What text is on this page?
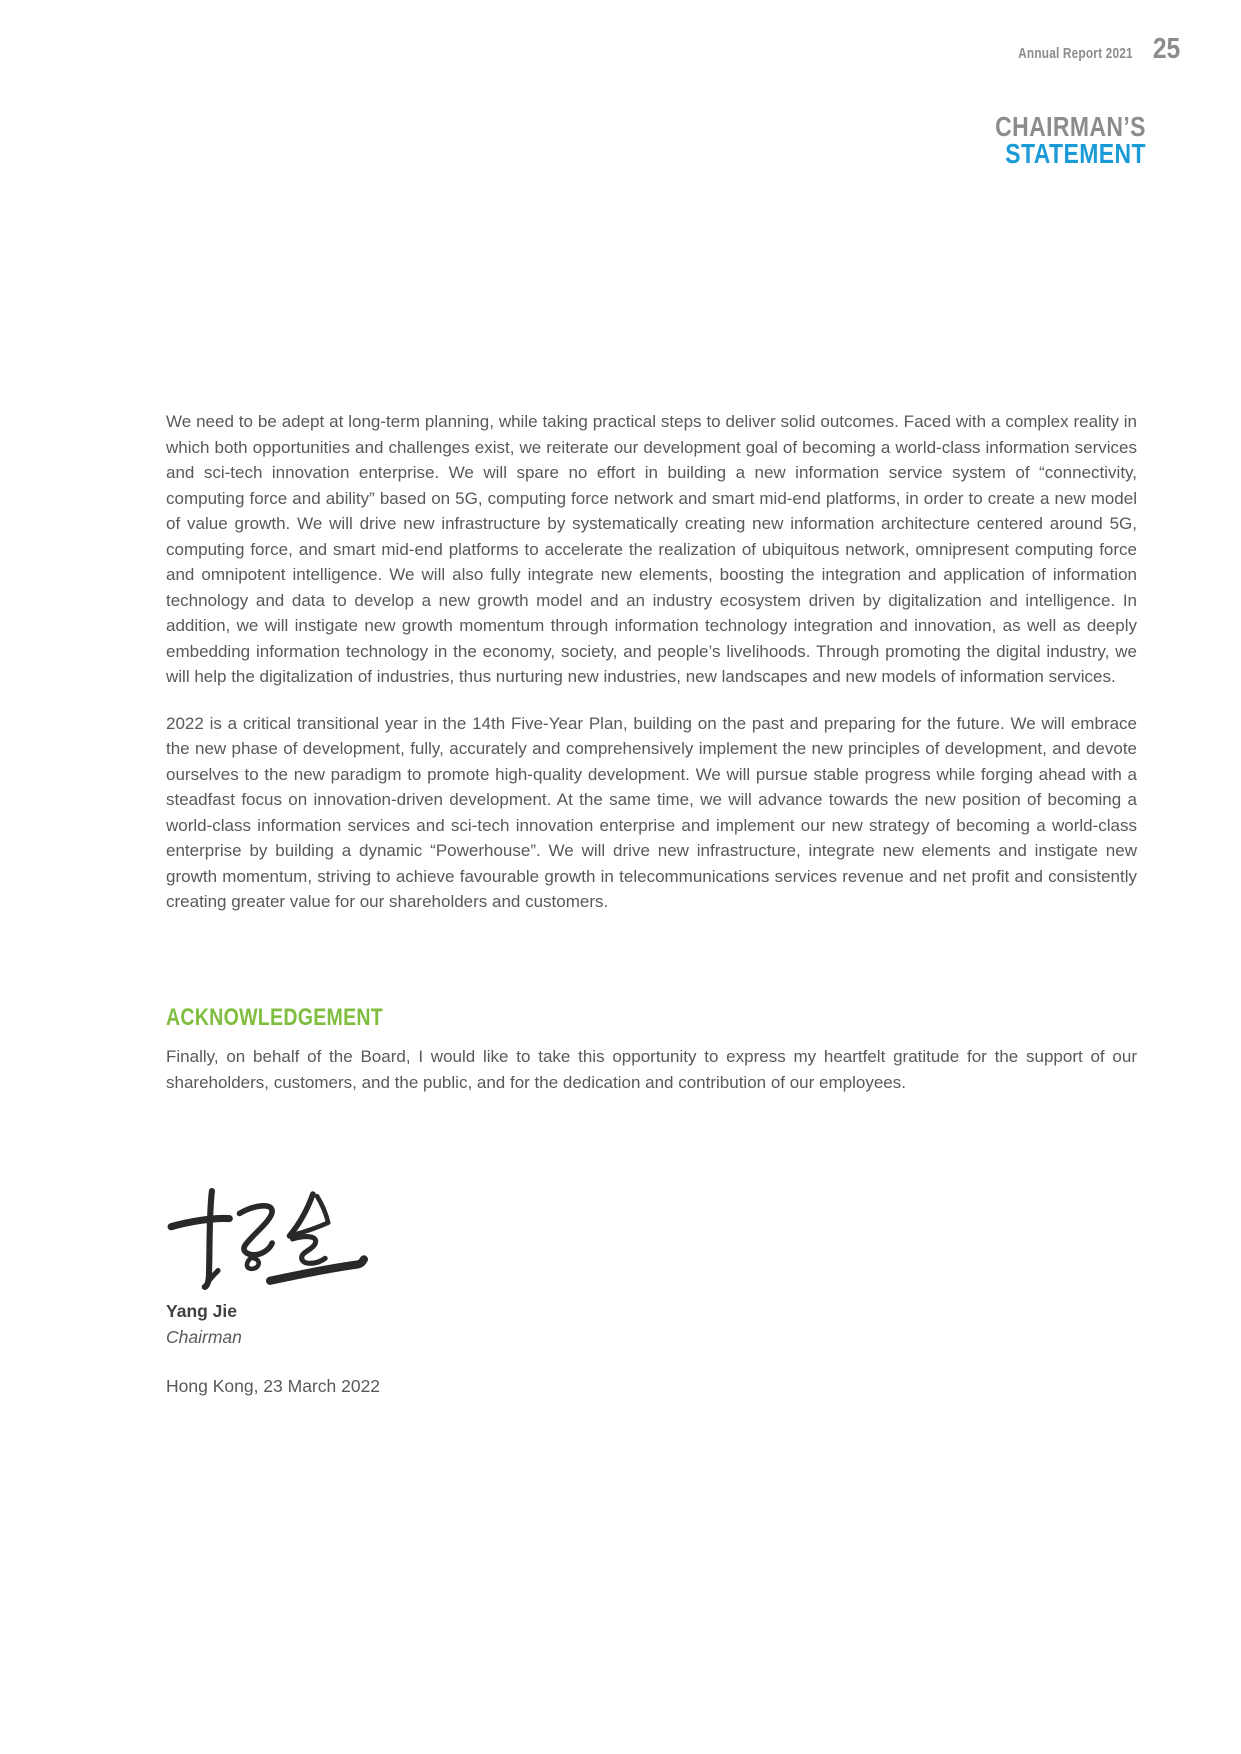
Annual Report 2021 25
CHAIRMAN’S
STATEMENT

We need to be adept at long-term planning, while taking practical steps to deliver solid outcomes. Faced with a complex reality in which both opportunities and challenges exist, we reiterate our development goal of becoming a world-class information services and sci-tech innovation enterprise. We will spare no effort in building a new information service system of “connectivity, computing force and ability” based on 5G, computing force network and smart mid-end platforms, in order to create a new model of value growth. We will drive new infrastructure by systematically creating new information architecture centered around 5G, computing force, and smart mid-end platforms to accelerate the realization of ubiquitous network, omnipresent computing force and omnipotent intelligence. We will also fully integrate new elements, boosting the integration and application of information technology and data to develop a new growth model and an industry ecosystem driven by digitalization and intelligence. In addition, we will instigate new growth momentum through information technology integration and innovation, as well as deeply embedding information technology in the economy, society, and people’s livelihoods. Through promoting the digital industry, we will help the digitalization of industries, thus nurturing new industries, new landscapes and new models of information services.

2022 is a critical transitional year in the 14th Five-Year Plan, building on the past and preparing for the future. We will embrace the new phase of development, fully, accurately and comprehensively implement the new principles of development, and devote ourselves to the new paradigm to promote high-quality development. We will pursue stable progress while forging ahead with a steadfast focus on innovation-driven development. At the same time, we will advance towards the new position of becoming a world-class information services and sci-tech innovation enterprise and implement our new strategy of becoming a world-class enterprise by building a dynamic “Powerhouse”. We will drive new infrastructure, integrate new elements and instigate new growth momentum, striving to achieve favourable growth in telecommunications services revenue and net profit and consistently creating greater value for our shareholders and customers.

ACKNOWLEDGEMENT

Finally, on behalf of the Board, I would like to take this opportunity to express my heartfelt gratitude for the support of our shareholders, customers, and the public, and for the dedication and contribution of our employees.

Yang Jie
Chairman
Hong Kong, 23 March 2022
